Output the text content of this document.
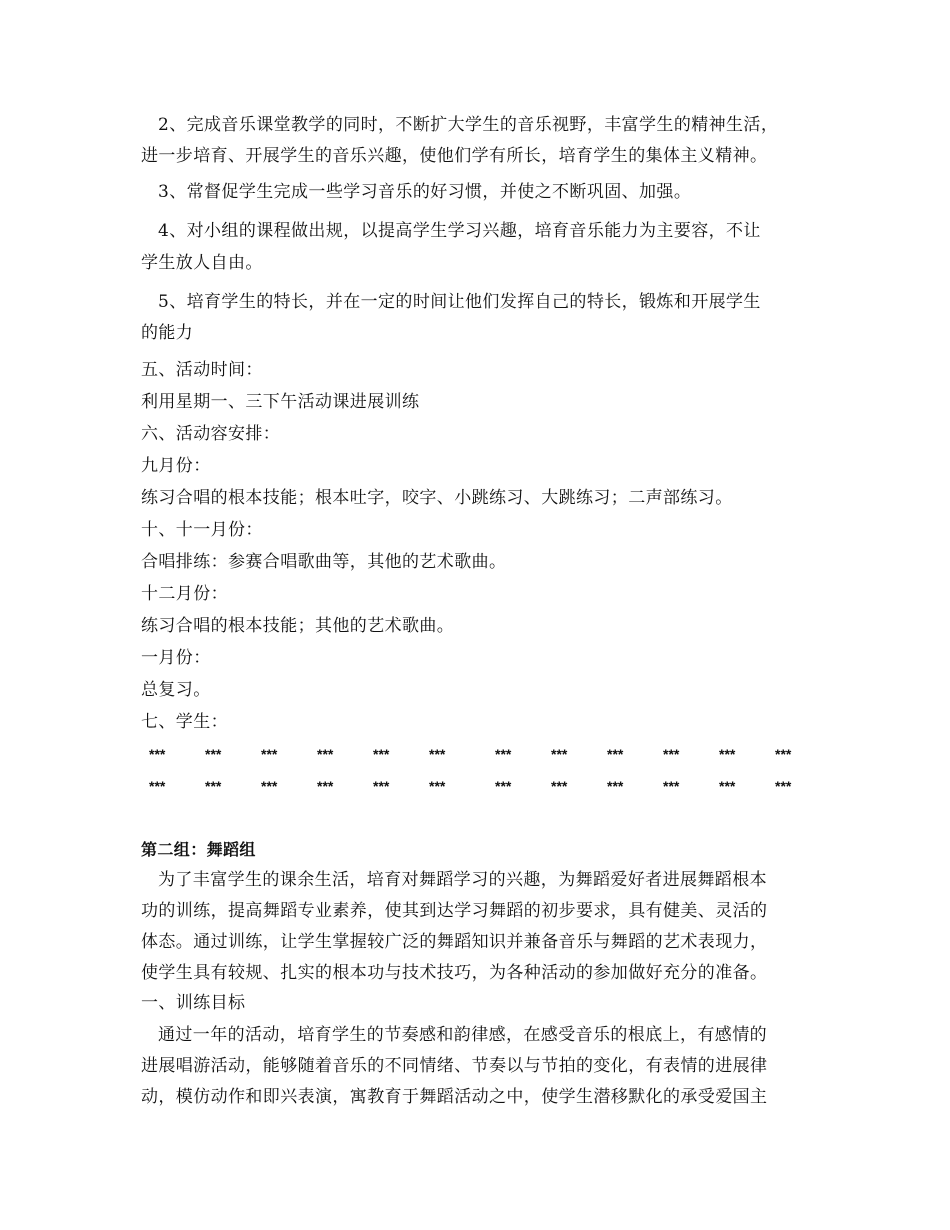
2、完成音乐课堂教学的同时，不断扩大学生的音乐视野，丰富学生的精神生活，
进一步培育、开展学生的音乐兴趣，使他们学有所长，培育学生的集体主义精神。
3、常督促学生完成一些学习音乐的好习惯，并使之不断巩固、加强。
4、对小组的课程做出规，以提高学生学习兴趣，培育音乐能力为主要容，不让
学生放人自由。
5、培育学生的特长，并在一定的时间让他们发挥自己的特长，锻炼和开展学生
的能力
五、活动时间：
利用星期一、三下午活动课进展训练
六、活动容安排：
九月份：
练习合唱的根本技能；根本吐字，咬字、小跳练习、大跳练习；二声部练习。
十、十一月份：
合唱排练：参赛合唱歌曲等，其他的艺术歌曲。
十二月份：
练习合唱的根本技能；其他的艺术歌曲。
一月份：
总复习。
七、学生：
***	***	***	***	***	***	***	***	***	***	***	***
***	***	***	***	***	***	***	***	***	***	***	***
第二组：舞蹈组
为了丰富学生的课余生活，培育对舞蹈学习的兴趣，为舞蹈爱好者进展舞蹈根本
功的训练，提高舞蹈专业素养，使其到达学习舞蹈的初步要求，具有健美、灵活的
体态。通过训练，让学生掌握较广泛的舞蹈知识并兼备音乐与舞蹈的艺术表现力，
使学生具有较规、扎实的根本功与技术技巧，为各种活动的参加做好充分的准备。
一、训练目标
通过一年的活动，培育学生的节奏感和韵律感，在感受音乐的根底上，有感情的
进展唱游活动，能够随着音乐的不同情绪、节奏以与节拍的变化，有表情的进展律
动，模仿动作和即兴表演，寓教育于舞蹈活动之中，使学生潜移默化的承受爱国主
